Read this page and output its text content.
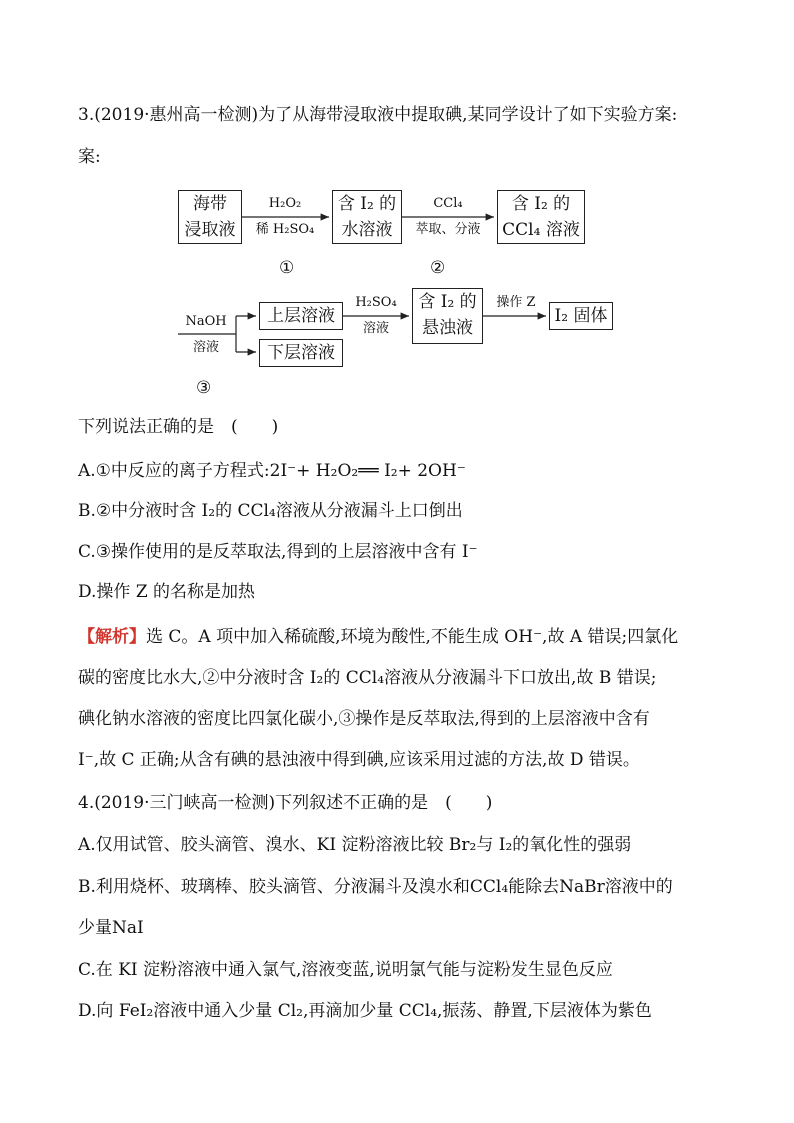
3.(2019·惠州高一检测)为了从海带浸取液中提取碘,某同学设计了如下实验方案:
案:
海带
浸取液
H₂O₂
稀 H₂SO₄
含 I₂ 的
水溶液
CCl₄
萃取、分液
含 I₂ 的
CCl₄ 溶液
①	②
NaOH
溶液
上层溶液
下层溶液
H₂SO₄
溶液
含 I₂ 的
悬浊液
操作 Z
I₂ 固体
③
下列说法正确的是　(　　)
A.①中反应的离子方程式:2I⁻+ H₂O₂══ I₂+ 2OH⁻
B.②中分液时含 I₂的 CCl₄溶液从分液漏斗上口倒出
C.③操作使用的是反萃取法,得到的上层溶液中含有 I⁻
D.操作 Z 的名称是加热
【解析】选 C。A 项中加入稀硫酸,环境为酸性,不能生成 OH⁻,故 A 错误;四氯化
碳的密度比水大,②中分液时含 I₂的 CCl₄溶液从分液漏斗下口放出,故 B 错误;
碘化钠水溶液的密度比四氯化碳小,③操作是反萃取法,得到的上层溶液中含有
I⁻,故 C 正确;从含有碘的悬浊液中得到碘,应该采用过滤的方法,故 D 错误。
4.(2019·三门峡高一检测)下列叙述不正确的是　(　　)
A.仅用试管、胶头滴管、溴水、KI 淀粉溶液比较 Br₂与 I₂的氧化性的强弱
B.利用烧杯、玻璃棒、胶头滴管、分液漏斗及溴水和CCl₄能除去NaBr溶液中的
少量NaI
C.在 KI 淀粉溶液中通入氯气,溶液变蓝,说明氯气能与淀粉发生显色反应
D.向 FeI₂溶液中通入少量 Cl₂,再滴加少量 CCl₄,振荡、静置,下层液体为紫色
